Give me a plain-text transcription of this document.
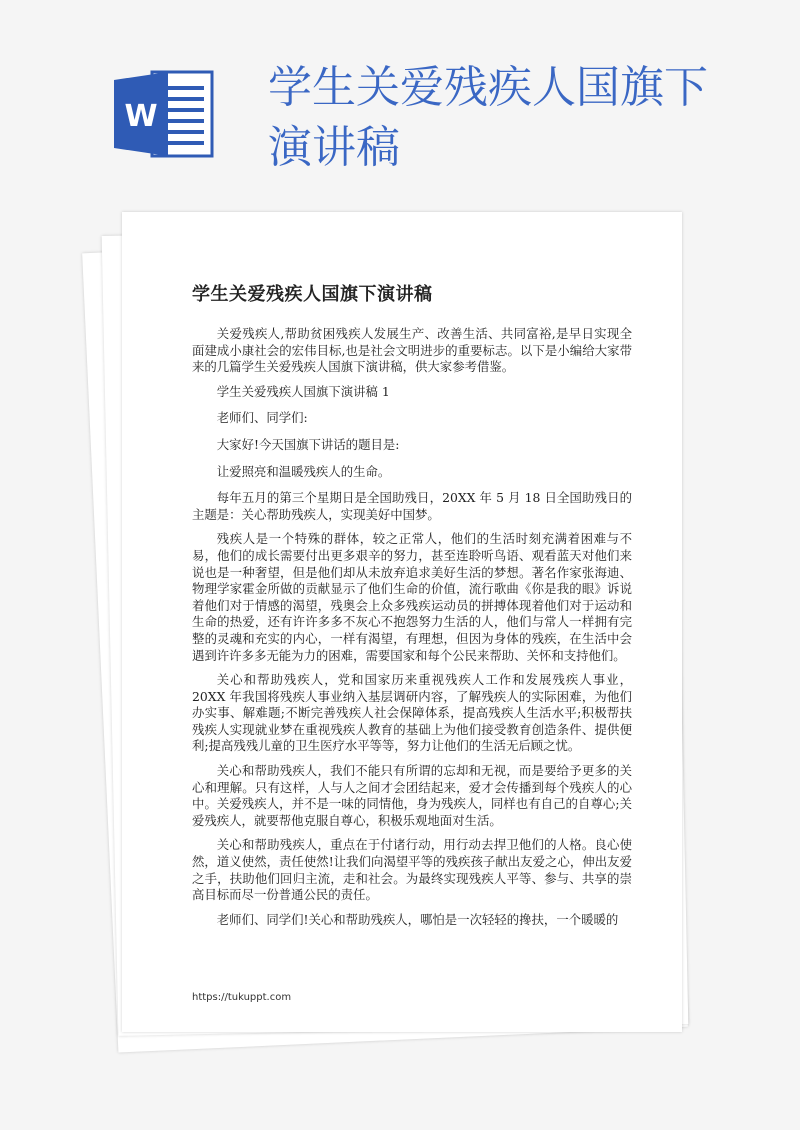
W
学生关爱残疾人国旗下演讲稿
学生关爱残疾人国旗下演讲稿

关爱残疾人,帮助贫困残疾人发展生产、改善生活、共同富裕,是早日实现全面建成小康社会的宏伟目标,也是社会文明进步的重要标志。以下是小编给大家带来的几篇学生关爱残疾人国旗下演讲稿，供大家参考借鉴。

学生关爱残疾人国旗下演讲稿 1

老师们、同学们:

大家好!今天国旗下讲话的题目是:

让爱照亮和温暖残疾人的生命。

每年五月的第三个星期日是全国助残日，20XX 年 5 月 18 日全国助残日的主题是：关心帮助残疾人，实现美好中国梦。

残疾人是一个特殊的群体，较之正常人，他们的生活时刻充满着困难与不易，他们的成长需要付出更多艰辛的努力，甚至连聆听鸟语、观看蓝天对他们来说也是一种奢望，但是他们却从未放弃追求美好生活的梦想。著名作家张海迪、物理学家霍金所做的贡献显示了他们生命的价值，流行歌曲《你是我的眼》诉说着他们对于情感的渴望，残奥会上众多残疾运动员的拼搏体现着他们对于运动和生命的热爱，还有许许多多不灰心不抱怨努力生活的人，他们与常人一样拥有完整的灵魂和充实的内心，一样有渴望，有理想，但因为身体的残疾，在生活中会遇到许许多多无能为力的困难，需要国家和每个公民来帮助、关怀和支持他们。

关心和帮助残疾人，党和国家历来重视残疾人工作和发展残疾人事业，20XX 年我国将残疾人事业纳入基层调研内容，了解残疾人的实际困难，为他们办实事、解难题;不断完善残疾人社会保障体系，提高残疾人生活水平;积极帮扶残疾人实现就业梦在重视残疾人教育的基础上为他们接受教育创造条件、提供便利;提高残残儿童的卫生医疗水平等等，努力让他们的生活无后顾之忧。

关心和帮助残疾人，我们不能只有所谓的忘却和无视，而是要给予更多的关心和理解。只有这样，人与人之间才会团结起来，爱才会传播到每个残疾人的心中。关爱残疾人，并不是一味的同情他，身为残疾人，同样也有自己的自尊心;关爱残疾人，就要帮他克服自尊心，积极乐观地面对生活。

关心和帮助残疾人，重点在于付诸行动，用行动去捍卫他们的人格。良心使然，道义使然，责任使然!让我们向渴望平等的残疾孩子献出友爱之心，伸出友爱之手，扶助他们回归主流，走和社会。为最终实现残疾人平等、参与、共享的崇高目标而尽一份普通公民的责任。

老师们、同学们!关心和帮助残疾人，哪怕是一次轻轻的搀扶，一个暖暖的

https://tukuppt.com
